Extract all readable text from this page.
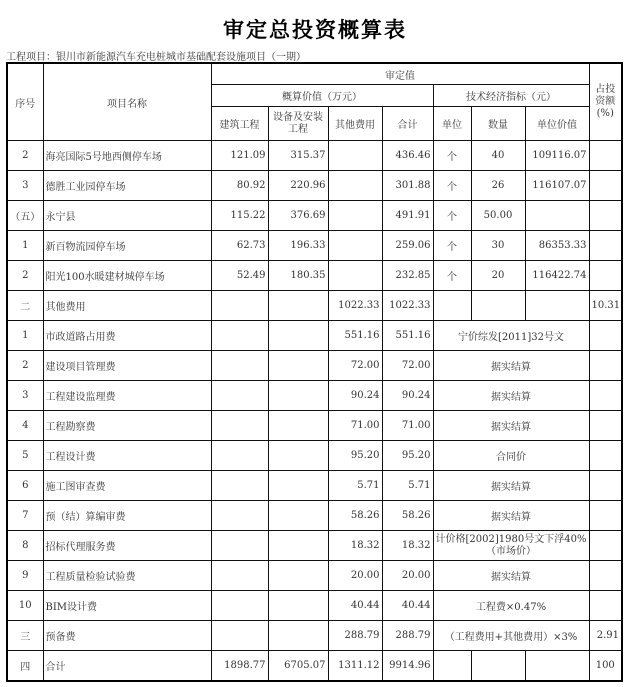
审定总投资概算表
工程项目：银川市新能源汽车充电桩城市基础配套设施项目（一期）
序号	项目名称	审定值							占投资额(%)
		概算价值（万元）				技术经济指标（元）			
		建筑工程	设备及安装工程	其他费用	合计	单位	数量	单位价值	
2	海亮国际5号地西侧停车场	121.09	315.37		436.46	个	40	109116.07	
3	德胜工业园停车场	80.92	220.96		301.88	个	26	116107.07	
（五）	永宁县	115.22	376.69		491.91	个	50.00		
1	新百物流园停车场	62.73	196.33		259.06	个	30	86353.33	
2	阳光100水暖建材城停车场	52.49	180.35		232.85	个	20	116422.74	
二	其他费用			1022.33	1022.33				10.31
1	市政道路占用费			551.16	551.16	宁价综发[2011]32号文			
2	建设项目管理费			72.00	72.00	据实结算			
3	工程建设监理费			90.24	90.24	据实结算			
4	工程勘察费			71.00	71.00	据实结算			
5	工程设计费			95.20	95.20	合同价			
6	施工图审查费			5.71	5.71	据实结算			
7	预（结）算编审费			58.26	58.26	据实结算			
8	招标代理服务费			18.32	18.32	计价格[2002]1980号文下浮40%（市场价）			
9	工程质量检验试验费			20.00	20.00	据实结算			
10	BIM设计费			40.44	40.44	工程费×0.47%			
三	预备费			288.79	288.79	（工程费用+其他费用）×3%			2.91
四	合计	1898.77	6705.07	1311.12	9914.96				100
